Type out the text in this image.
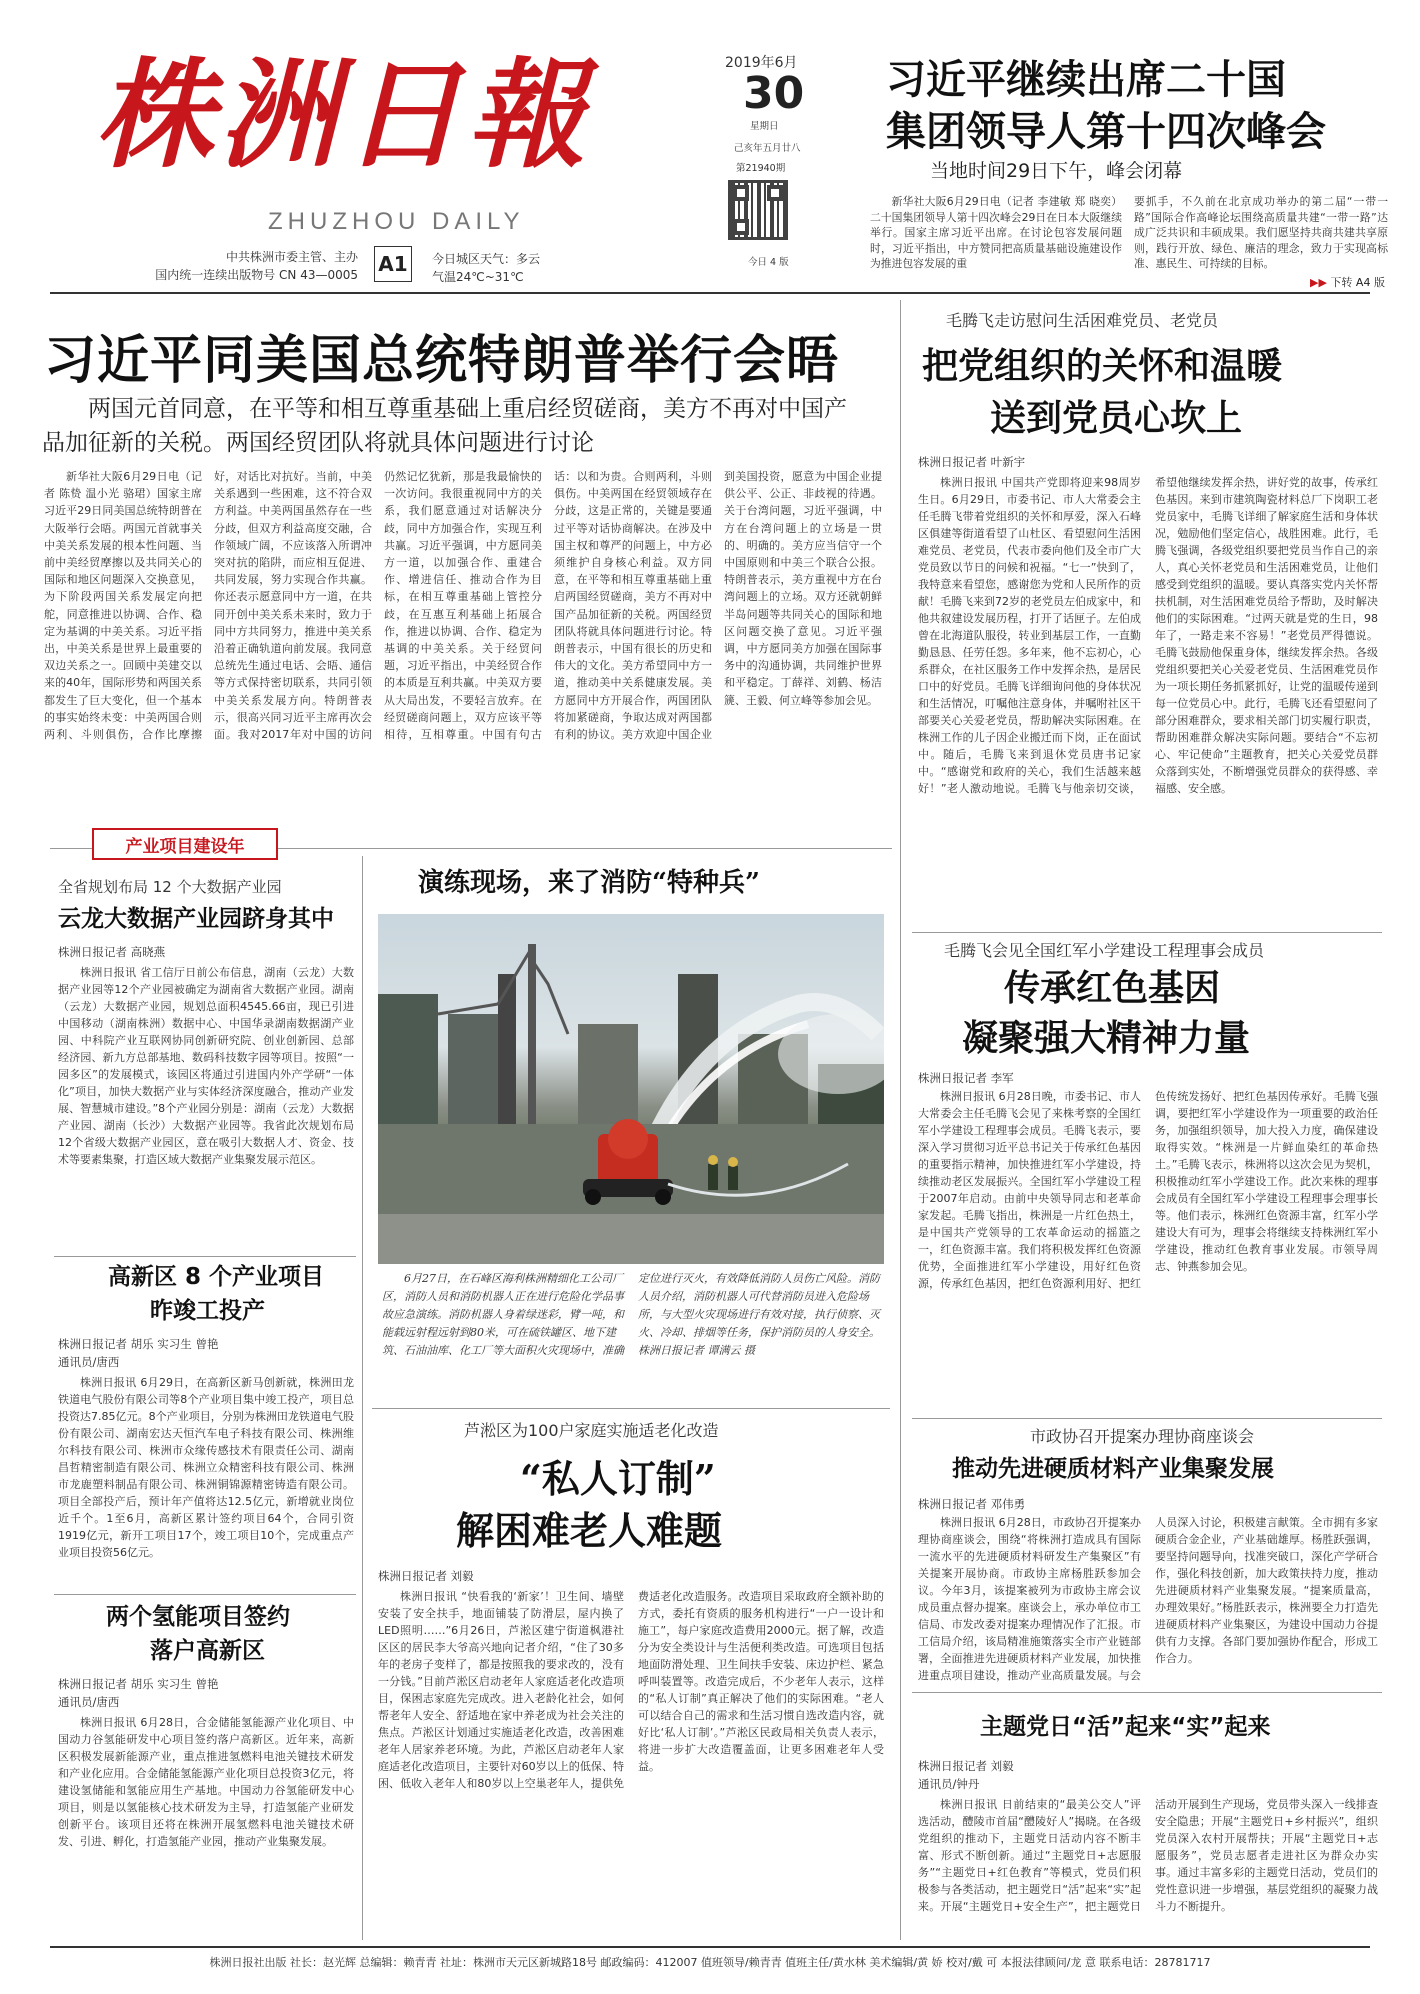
株洲日報
ZHUZHOU DAILY
中共株洲市委主管、主办
国内统一连续出版物号 CN 43—0005 A1 今日城区天气：多云
气温24℃~31℃
2019年6月
30
星期日
己亥年五月廿八
第21940期
今日 4 版
习近平继续出席二十国
集团领导人第十四次峰会
当地时间29日下午，峰会闭幕
新华社大阪6月29日电（记者 李建敏 郑 晓奕）二十国集团领导人第十四次峰会29日在日本大阪继续举行。国家主席习近平出席。在讨论包容发展问题时，习近平指出，中方赞同把高质量基础设施建设作为推进包容发展的重
要抓手，不久前在北京成功举办的第二届“一带一路”国际合作高峰论坛围绕高质量共建“一带一路”达成广泛共识和丰硕成果。我们愿坚持共商共建共享原则，践行开放、绿色、廉洁的理念，致力于实现高标准、惠民生、可持续的目标。
▶▶ 下转 A4 版
习近平同美国总统特朗普举行会晤
两国元首同意，在平等和相互尊重基础上重启经贸磋商，美方不再对中国产品加征新的关税。两国经贸团队将就具体问题进行讨论
新华社大阪6月29日电（记者 陈贽 温小光 骆珺）国家主席习近平29日同美国总统特朗普在大阪举行会晤。两国元首就事关中美关系发展的根本性问题、当前中美经贸摩擦以及共同关心的国际和地区问题深入交换意见，为下阶段两国关系发展定向把舵，同意推进以协调、合作、稳定为基调的中美关系。习近平指出，中美关系是世界上最重要的双边关系之一。回顾中美建交以来的40年，国际形势和两国关系都发生了巨大变化，但一个基本的事实始终未变：中美两国合则两利、斗则俱伤，合作比摩擦好，对话比对抗好。当前，中美关系遇到一些困难，这不符合双方利益。中美两国虽然存在一些分歧，但双方利益高度交融，合作领域广阔，不应该落入所谓冲突对抗的陷阱，而应相互促进、共同发展，努力实现合作共赢。你还表示愿意同中方一道，在共同开创中美关系未来时，致力于同中方共同努力，推进中美关系沿着正确轨道向前发展。我同意总统先生通过电话、会晤、通信等方式保持密切联系，共同引领中美关系发展方向。特朗普表示，很高兴同习近平主席再次会面。我对2017年对中国的访问仍然记忆犹新，那是我最愉快的一次访问。我很重视同中方的关系，我们愿意通过对话解决分歧，同中方加强合作，实现互利共赢。习近平强调，中方愿同美方一道，以加强合作、重建合作、增进信任、推动合作为目标，在相互尊重基础上管控分歧，在互惠互利基础上拓展合作，推进以协调、合作、稳定为基调的中美关系。关于经贸问题，习近平指出，中美经贸合作的本质是互利共赢。中美双方要从大局出发，不要轻言放弃。在经贸磋商问题上，双方应该平等相待，互相尊重。中国有句古话：以和为贵。合则两利，斗则俱伤。中美两国在经贸领域存在分歧，这是正常的，关键是要通过平等对话协商解决。在涉及中国主权和尊严的问题上，中方必须维护自身核心利益。双方同意，在平等和相互尊重基础上重启两国经贸磋商，美方不再对中国产品加征新的关税。两国经贸团队将就具体问题进行讨论。特朗普表示，中国有很长的历史和伟大的文化。美方希望同中方一道，推动美中关系健康发展。美方愿同中方开展合作，两国团队将加紧磋商，争取达成对两国都有利的协议。美方欢迎中国企业到美国投资，愿意为中国企业提供公平、公正、非歧视的待遇。关于台湾问题，习近平强调，中方在台湾问题上的立场是一贯的、明确的。美方应当信守一个中国原则和中美三个联合公报。特朗普表示，美方重视中方在台湾问题上的立场。双方还就朝鲜半岛问题等共同关心的国际和地区问题交换了意见。习近平强调，中方愿同美方加强在国际事务中的沟通协调，共同维护世界和平稳定。丁薛祥、刘鹤、杨洁篪、王毅、何立峰等参加会见。
毛腾飞走访慰问生活困难党员、老党员
把党组织的关怀和温暖
送到党员心坎上
株洲日报记者 叶新宇
株洲日报讯 中国共产党即将迎来98周岁生日。6月29日，市委书记、市人大常委会主任毛腾飞带着党组织的关怀和厚爱，深入石峰区俱建等街道看望了山杜区、看望慰问生活困难党员、老党员，代表市委向他们及全市广大党员致以节日的问候和祝福。“七一”快到了，我特意来看望您，感谢您为党和人民所作的贡献！毛腾飞来到72岁的老党员左伯成家中，和他共叙建设发展历程，打开了话匣子。左伯成曾在北海道队服役，转业到基层工作，一直勤勤恳恳、任劳任怨。多年来，他不忘初心，心系群众，在社区服务工作中发挥余热，是居民口中的好党员。毛腾飞详细询问他的身体状况和生活情况，叮嘱他注意身体，并嘱咐社区干部要关心关爱老党员，帮助解决实际困难。在株洲工作的儿子因企业搬迁而下岗，正在面试中。随后，毛腾飞来到退休党员唐书记家中。“感谢党和政府的关心，我们生活越来越好！”老人激动地说。毛腾飞与他亲切交谈，希望他继续发挥余热，讲好党的故事，传承红色基因。来到市建筑陶瓷材料总厂下岗职工老党员家中，毛腾飞详细了解家庭生活和身体状况，勉励他们坚定信心，战胜困难。此行，毛腾飞强调，各级党组织要把党员当作自己的亲人，真心关怀老党员和生活困难党员，让他们感受到党组织的温暖。要认真落实党内关怀帮扶机制，对生活困难党员给予帮助，及时解决他们的实际困难。“过两天就是党的生日，98年了，一路走来不容易！”老党员严得德说。毛腾飞鼓励他保重身体，继续发挥余热。各级党组织要把关心关爱老党员、生活困难党员作为一项长期任务抓紧抓好，让党的温暖传递到每一位党员心中。此行，毛腾飞还看望慰问了部分困难群众，要求相关部门切实履行职责，帮助困难群众解决实际问题。要结合“不忘初心、牢记使命”主题教育，把关心关爱党员群众落到实处，不断增强党员群众的获得感、幸福感、安全感。
毛腾飞会见全国红军小学建设工程理事会成员
传承红色基因
凝聚强大精神力量
株洲日报记者 李军
株洲日报讯 6月28日晚，市委书记、市人大常委会主任毛腾飞会见了来株考察的全国红军小学建设工程理事会成员。毛腾飞表示，要深入学习贯彻习近平总书记关于传承红色基因的重要指示精神，加快推进红军小学建设，持续推动老区发展振兴。全国红军小学建设工程于2007年启动。由前中央领导同志和老革命家发起。毛腾飞指出，株洲是一片红色热土，是中国共产党领导的工农革命运动的摇篮之一，红色资源丰富。我们将积极发挥红色资源优势，全面推进红军小学建设，用好红色资源，传承红色基因，把红色资源利用好、把红色传统发扬好、把红色基因传承好。毛腾飞强调，要把红军小学建设作为一项重要的政治任务，加强组织领导，加大投入力度，确保建设取得实效。“株洲是一片鲜血染红的革命热土。”毛腾飞表示，株洲将以这次会见为契机，积极推动红军小学建设工作。此次来株的理事会成员有全国红军小学建设工程理事会理事长等。他们表示，株洲红色资源丰富，红军小学建设大有可为，理事会将继续支持株洲红军小学建设，推动红色教育事业发展。市领导周志、钟燕参加会见。
市政协召开提案办理协商座谈会
推动先进硬质材料产业集聚发展
株洲日报记者 邓伟勇
株洲日报讯 6月28日，市政协召开提案办理协商座谈会，围绕“将株洲打造成具有国际一流水平的先进硬质材料研发生产集聚区”有关提案开展协商。市政协主席杨胜跃参加会议。今年3月，该提案被列为市政协主席会议成员重点督办提案。座谈会上，承办单位市工信局、市发改委对提案办理情况作了汇报。市工信局介绍，该局精准施策落实全市产业链部署，全面推进先进硬质材料产业发展，加快推进重点项目建设，推动产业高质量发展。与会人员深入讨论，积极建言献策。全市拥有多家硬质合金企业，产业基础雄厚。杨胜跃强调，要坚持问题导向，找准突破口，深化产学研合作，强化科技创新，加大政策扶持力度，推动先进硬质材料产业集聚发展。“提案质量高，办理效果好。”杨胜跃表示，株洲要全力打造先进硬质材料产业集聚区，为建设中国动力谷提供有力支撑。各部门要加强协作配合，形成工作合力。
主题党日“活”起来“实”起来
株洲日报记者 刘毅
通讯员/钟丹
株洲日报讯 日前结束的“最美公交人”评选活动，醴陵市首届“醴陵好人”揭晓。在各级党组织的推动下，主题党日活动内容不断丰富、形式不断创新。通过“主题党日+志愿服务”“主题党日+红色教育”等模式，党员们积极参与各类活动，把主题党日“活”起来“实”起来。开展“主题党日+安全生产”，把主题党日活动开展到生产现场，党员带头深入一线排查安全隐患；开展“主题党日+乡村振兴”，组织党员深入农村开展帮扶；开展“主题党日+志愿服务”，党员志愿者走进社区为群众办实事。通过丰富多彩的主题党日活动，党员们的党性意识进一步增强，基层党组织的凝聚力战斗力不断提升。
产业项目建设年
全省规划布局 12 个大数据产业园
云龙大数据产业园跻身其中
株洲日报记者 高晓燕
株洲日报讯 省工信厅日前公布信息，湖南（云龙）大数据产业园等12个产业园被确定为湖南省大数据产业园。湖南（云龙）大数据产业园，规划总面积4545.66亩，现已引进中国移动（湖南株洲）数据中心、中国华录湖南数据湖产业园、中科院产业互联网协同创新研究院、创业创新园、总部经济园、新九方总部基地、数码科技数字园等项目。按照“一园多区”的发展模式，该园区将通过引进国内外产学研“一体化”项目，加快大数据产业与实体经济深度融合，推动产业发展、智慧城市建设。”8个产业园分别是：湖南（云龙）大数据产业园、湖南（长沙）大数据产业园等。我省此次规划布局12个省级大数据产业园区，意在吸引大数据人才、资金、技术等要素集聚，打造区域大数据产业集聚发展示范区。
高新区 8 个产业项目
昨竣工投产
株洲日报记者 胡乐 实习生 曾艳
通讯员/唐西
株洲日报讯 6月29日，在高新区新马创新就，株洲田龙铁道电气股份有限公司等8个产业项目集中竣工投产，项目总投资达7.85亿元。8个产业项目，分别为株洲田龙铁道电气股份有限公司、湖南宏达天恒汽车电子科技有限公司、株洲维尔科技有限公司、株洲市众缘传感技术有限责任公司、湖南昌哲精密制造有限公司、株洲立众精密科技有限公司、株洲市龙鹿塑料制品有限公司、株洲铜锦源精密铸造有限公司。项目全部投产后，预计年产值将达12.5亿元，新增就业岗位近千个。1至6月，高新区累计签约项目64个，合同引资1919亿元，新开工项目17个，竣工项目10个，完成重点产业项目投资56亿元。
两个氢能项目签约
落户高新区
株洲日报记者 胡乐 实习生 曾艳
通讯员/唐西
株洲日报讯 6月28日，合金储能氢能源产业化项目、中国动力谷氢能研发中心项目签约落户高新区。近年来，高新区积极发展新能源产业，重点推进氢燃料电池关键技术研发和产业化应用。合金储能氢能源产业化项目总投资3亿元，将建设氢储能和氢能应用生产基地。中国动力谷氢能研发中心项目，则是以氢能核心技术研发为主导，打造氢能产业研发创新平台。该项目还将在株洲开展氢燃料电池关键技术研发、引进、孵化，打造氢能产业园，推动产业集聚发展。
演练现场，来了消防“特种兵”
6月27日，在石峰区海利株洲精细化工公司厂区，消防人员和消防机器人正在进行危险化学品事故应急演练。消防机器人身着绿迷彩，臂一吨，和能载远射程远射到80米，可在硫铁罐区、地下建筑、石油油库、化工厂等大面积火灾现场中，准确定位进行灭火，有效降低消防人员伤亡风险。消防人员介绍，消防机器人可代替消防员进入危险场所，与大型火灾现场进行有效对接，执行侦察、灭火、冷却、排烟等任务，保护消防员的人身安全。株洲日报记者 谭满云 摄
芦淞区为100户家庭实施适老化改造
“私人订制”
解困难老人难题
株洲日报记者 刘毅
株洲日报讯 “快看我的‘新家’！卫生间、墙壁安装了安全扶手，地面铺装了防滑层，屋内换了LED照明……”6月26日，芦淞区建宁街道枫港社区区的居民李大爷高兴地向记者介绍，“住了30多年的老房子变样了，都是按照我的要求改的，没有一分钱。”目前芦淞区启动老年人家庭适老化改造项目，保困志家庭先完成改。进入老龄化社会，如何帮老年人安全、舒适地在家中养老成为社会关注的焦点。芦淞区计划通过实施适老化改造，改善困难老年人居家养老环境。为此，芦淞区启动老年人家庭适老化改造项目，主要针对60岁以上的低保、特困、低收入老年人和80岁以上空巢老年人，提供免费适老化改造服务。改造项目采取政府全额补助的方式，委托有资质的服务机构进行“一户一设计和施工”，每户家庭改造费用2000元。据了解，改造分为安全类设计与生活便利类改造。可选项目包括地面防滑处理、卫生间扶手安装、床边护栏、紧急呼叫装置等。改造完成后，不少老年人表示，这样的“私人订制”真正解决了他们的实际困难。“老人可以结合自己的需求和生活习惯自选改造内容，就好比‘私人订制’。”芦淞区民政局相关负责人表示，将进一步扩大改造覆盖面，让更多困难老年人受益。
株洲日报社出版 社长：赵光辉 总编辑：赖青青 社址：株洲市天元区新城路18号 邮政编码：412007 值班领导/赖青青 值班主任/黄水林 美术编辑/黄 娇 校对/戴 可 本报法律顾问/龙 意 联系电话：28781717
